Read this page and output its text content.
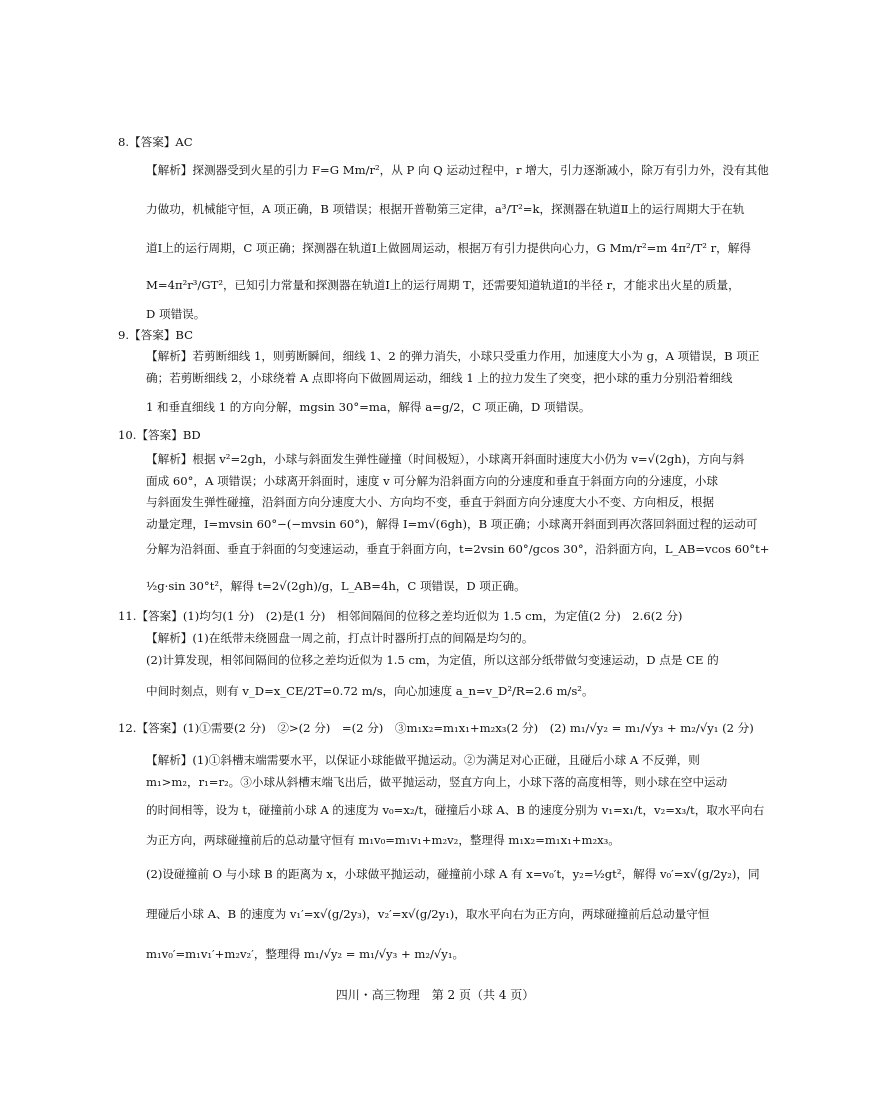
8.【答案】AC
【解析】探测器受到火星的引力 F=G Mm/r²，从 P 向 Q 运动过程中，r 增大，引力逐渐减小，除万有引力外，没有其他
力做功，机械能守恒，A 项正确，B 项错误；根据开普勒第三定律，a³/T²=k，探测器在轨道Ⅱ上的运行周期大于在轨
道Ⅰ上的运行周期，C 项正确；探测器在轨道Ⅰ上做圆周运动，根据万有引力提供向心力，G Mm/r²=m 4π²/T² r，解得
M=4π²r³/GT²，已知引力常量和探测器在轨道Ⅰ上的运行周期 T，还需要知道轨道Ⅰ的半径 r，才能求出火星的质量，
D 项错误。
9.【答案】BC
【解析】若剪断细线 1，则剪断瞬间，细线 1、2 的弹力消失，小球只受重力作用，加速度大小为 g，A 项错误，B 项正
确；若剪断细线 2，小球绕着 A 点即将向下做圆周运动，细线 1 上的拉力发生了突变，把小球的重力分别沿着细线
1 和垂直细线 1 的方向分解，mgsin 30°=ma，解得 a=g/2，C 项正确，D 项错误。
10.【答案】BD
【解析】根据 v²=2gh，小球与斜面发生弹性碰撞（时间极短），小球离开斜面时速度大小仍为 v=√(2gh)，方向与斜
面成 60°，A 项错误；小球离开斜面时，速度 v 可分解为沿斜面方向的分速度和垂直于斜面方向的分速度，小球
与斜面发生弹性碰撞，沿斜面方向分速度大小、方向均不变，垂直于斜面方向分速度大小不变、方向相反，根据
动量定理，I=mvsin 60°−(−mvsin 60°)，解得 I=m√(6gh)，B 项正确；小球离开斜面到再次落回斜面过程的运动可
分解为沿斜面、垂直于斜面的匀变速运动，垂直于斜面方向，t=2vsin 60°/gcos 30°，沿斜面方向，L_AB=vcos 60°t+
½g·sin 30°t²，解得 t=2√(2gh)/g，L_AB=4h，C 项错误，D 项正确。
11.【答案】(1)均匀(1 分)　(2)是(1 分)　相邻间隔间的位移之差均近似为 1.5 cm，为定值(2 分)　2.6(2 分)
【解析】(1)在纸带未绕圆盘一周之前，打点计时器所打点的间隔是均匀的。
(2)计算发现，相邻间隔间的位移之差均近似为 1.5 cm，为定值，所以这部分纸带做匀变速运动，D 点是 CE 的
中间时刻点，则有 v_D=x_CE/2T=0.72 m/s，向心加速度 a_n=v_D²/R=2.6 m/s²。
12.【答案】(1)①需要(2 分)　②>(2 分)　=(2 分)　③m₁x₂=m₁x₁+m₂x₃(2 分)　(2) m₁/√y₂ = m₁/√y₃ + m₂/√y₁ (2 分)
【解析】(1)①斜槽末端需要水平，以保证小球能做平抛运动。②为满足对心正碰，且碰后小球 A 不反弹，则
m₁>m₂，r₁=r₂。③小球从斜槽末端飞出后，做平抛运动，竖直方向上，小球下落的高度相等，则小球在空中运动
的时间相等，设为 t，碰撞前小球 A 的速度为 v₀=x₂/t，碰撞后小球 A、B 的速度分别为 v₁=x₁/t，v₂=x₃/t，取水平向右
为正方向，两球碰撞前后的总动量守恒有 m₁v₀=m₁v₁+m₂v₂，整理得 m₁x₂=m₁x₁+m₂x₃。
(2)设碰撞前 O 与小球 B 的距离为 x，小球做平抛运动，碰撞前小球 A 有 x=v₀′t，y₂=½gt²，解得 v₀′=x√(g/2y₂)，同
理碰后小球 A、B 的速度为 v₁′=x√(g/2y₃)，v₂′=x√(g/2y₁)，取水平向右为正方向，两球碰撞前后总动量守恒
m₁v₀′=m₁v₁′+m₂v₂′，整理得 m₁/√y₂ = m₁/√y₃ + m₂/√y₁。
四川・高三物理　第 2 页（共 4 页）
